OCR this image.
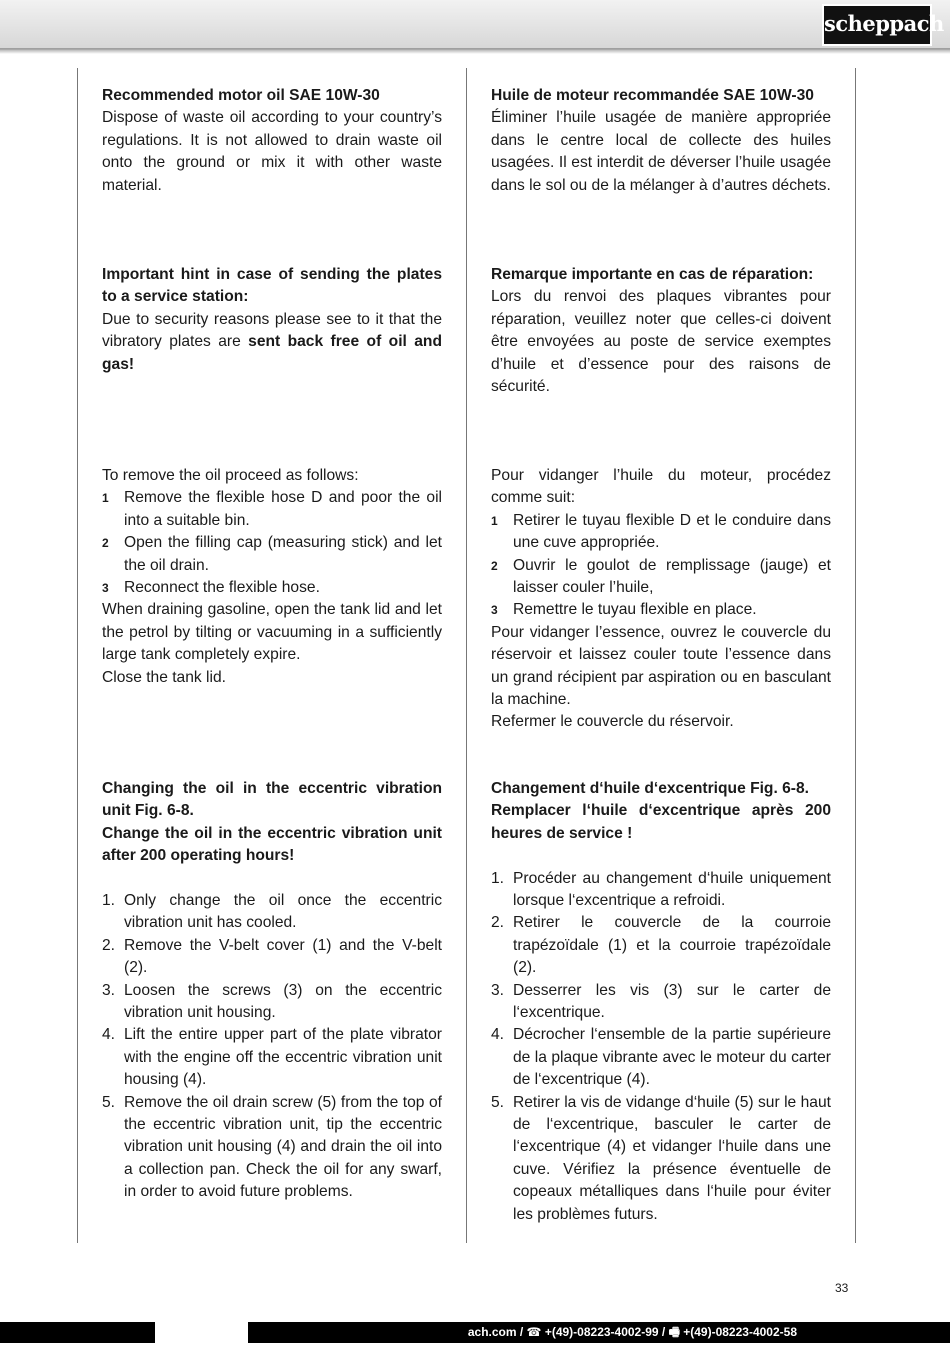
scheppach

Recommended motor oil SAE 10W-30

Dispose of waste oil according to your country’s regulations. It is not allowed to drain waste oil onto the ground or mix it with other waste material.

Important hint in case of sending the plates to a service station:

Due to security reasons please see to it that the vibratory plates are sent back free of oil and gas!

To remove the oil proceed as follows:

1 Remove the flexible hose D and poor the oil into a suitable bin.
2 Open the filling cap (measuring stick) and let the oil drain.
3 Reconnect the flexible hose.

When draining gasoline, open the tank lid and let the petrol by tilting or vacuuming in a sufficiently large tank completely expire.

Close the tank lid.

Changing the oil in the eccentric vibration unit Fig. 6-8.

Change the oil in the eccentric vibration unit after 200 operating hours!

1. Only change the oil once the eccentric vibration unit has cooled.
2. Remove the V-belt cover (1) and the V-belt (2).
3. Loosen the screws (3) on the eccentric vibration unit housing.
4. Lift the entire upper part of the plate vibrator with the engine off the eccentric vibration unit housing (4).
5. Remove the oil drain screw (5) from the top of the eccentric vibration unit, tip the eccentric vibration unit housing (4) and drain the oil into a collection pan. Check the oil for any swarf, in order to avoid future problems.

Huile de moteur recommandée SAE 10W-30

Éliminer l’huile usagée de manière appropriée dans le centre local de collecte des huiles usagées. Il est interdit de déverser l’huile usagée dans le sol ou de la mélanger à d’autres déchets.

Remarque importante en cas de réparation:

Lors du renvoi des plaques vibrantes pour réparation, veuillez noter que celles-ci doivent être envoyées au poste de service exemptes d’huile et d’essence pour des raisons de sécurité.

Pour vidanger l’huile du moteur, procédez comme suit:

1 Retirer le tuyau flexible D et le conduire dans une cuve appropriée.
2 Ouvrir le goulot de remplissage (jauge) et laisser couler l’huile,
3 Remettre le tuyau flexible en place.

Pour vidanger l’essence, ouvrez le couvercle du réservoir et laissez couler toute l’essence dans un grand récipient par aspiration ou en basculant la machine.

Refermer le couvercle du réservoir.

Changement d‘huile d‘excentrique Fig. 6-8.

Remplacer l‘huile d‘excentrique après 200 heures de service !

1. Procéder au changement d‘huile uniquement lorsque l‘excentrique a refroidi.
2. Retirer le couvercle de la courroie trapézoïdale (1) et la courroie trapézoïdale (2).
3. Desserrer les vis (3) sur le carter de l‘excentrique.
4. Décrocher l‘ensemble de la partie supérieure de la plaque vibrante avec le moteur du carter de l‘excentrique (4).
5. Retirer la vis de vidange d‘huile (5) sur le haut de l‘excentrique, basculer le carter de l‘excentrique (4) et vidanger l‘huile dans une cuve. Vérifiez la présence éventuelle de copeaux métalliques dans l‘huile pour éviter les problèmes futurs.
33
ach.com / ☎ +(49)-08223-4002-99 / 🖷 +(49)-08223-4002-58
